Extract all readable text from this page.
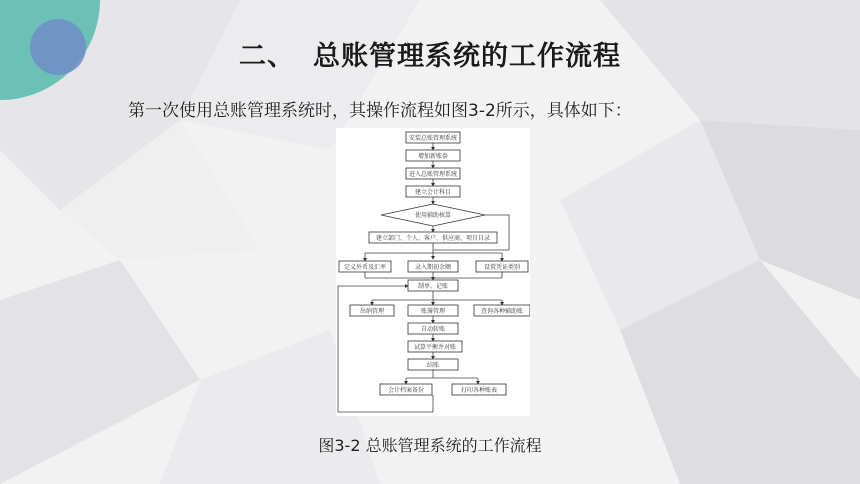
二、 总账管理系统的工作流程
第一次使用总账管理系统时，其操作流程如图3-2所示，具体如下：
安装总账管理系统
增加新账套
进入总账管理系统
建立会计科目
使用辅助核算
建立部门、个人、客户、供应商、项目目录
定义外币及汇率	录入期初余额	设置凭证类别
制单、记账
出纳管理	账簿管理	查询各种辅助账
自动转账
试算平衡并对账
结账
会计档案备份	打印各种账表
图3-2 总账管理系统的工作流程
